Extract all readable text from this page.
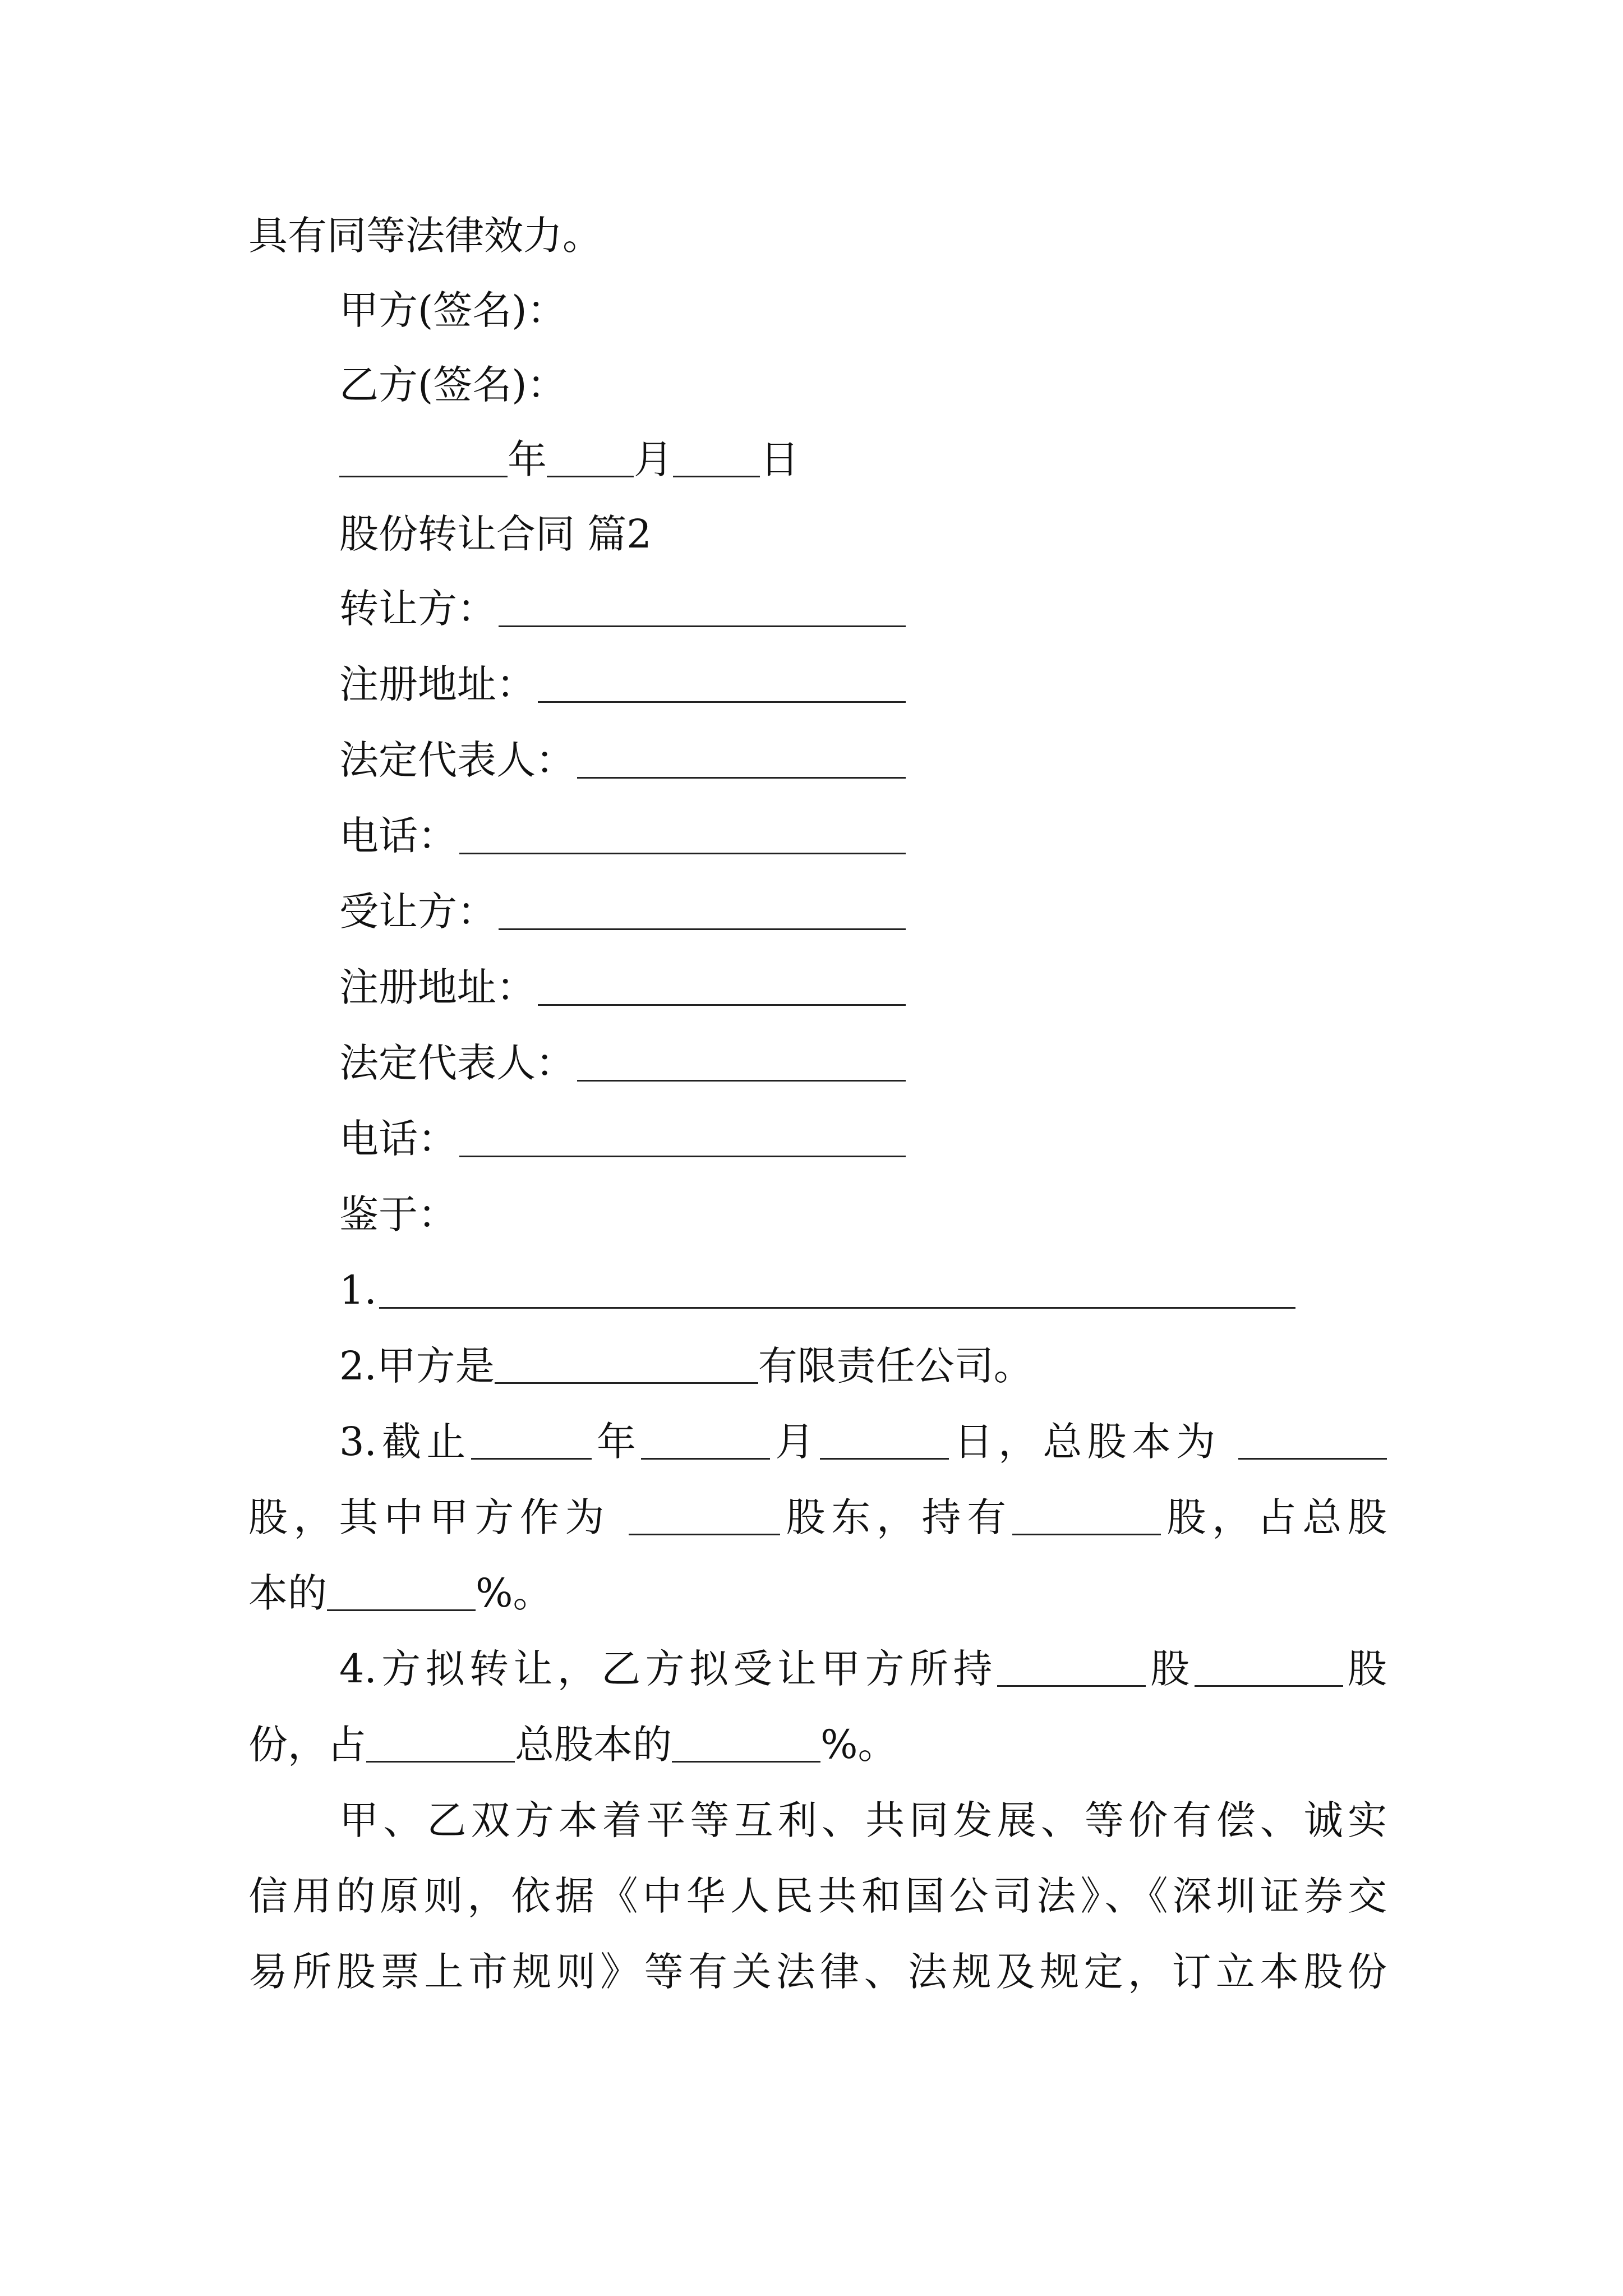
具有同等法律效力。
甲方(签名)：
乙方(签名)：
年 月 日
股份转让合同 篇2
转让方：
注册地址：
法定代表人：
电话：
受让方：
注册地址：
法定代表人：
电话：
鉴于：
1.
2.甲方是	有限责任公司。
3.截止	年	月	日，总股本为
股，其中甲方作为	股东，持有	股，占总股
本的	%。
4.方拟转让，乙方拟受让甲方所持	股	股
份，占	总股本的	%。
甲、乙双方本着平等互利、共同发展、等价有偿、诚实
信用的原则，依据《中华人民共和国公司法》、《深圳证券交
易所股票上市规则》等有关法律、法规及规定，订立本股份
